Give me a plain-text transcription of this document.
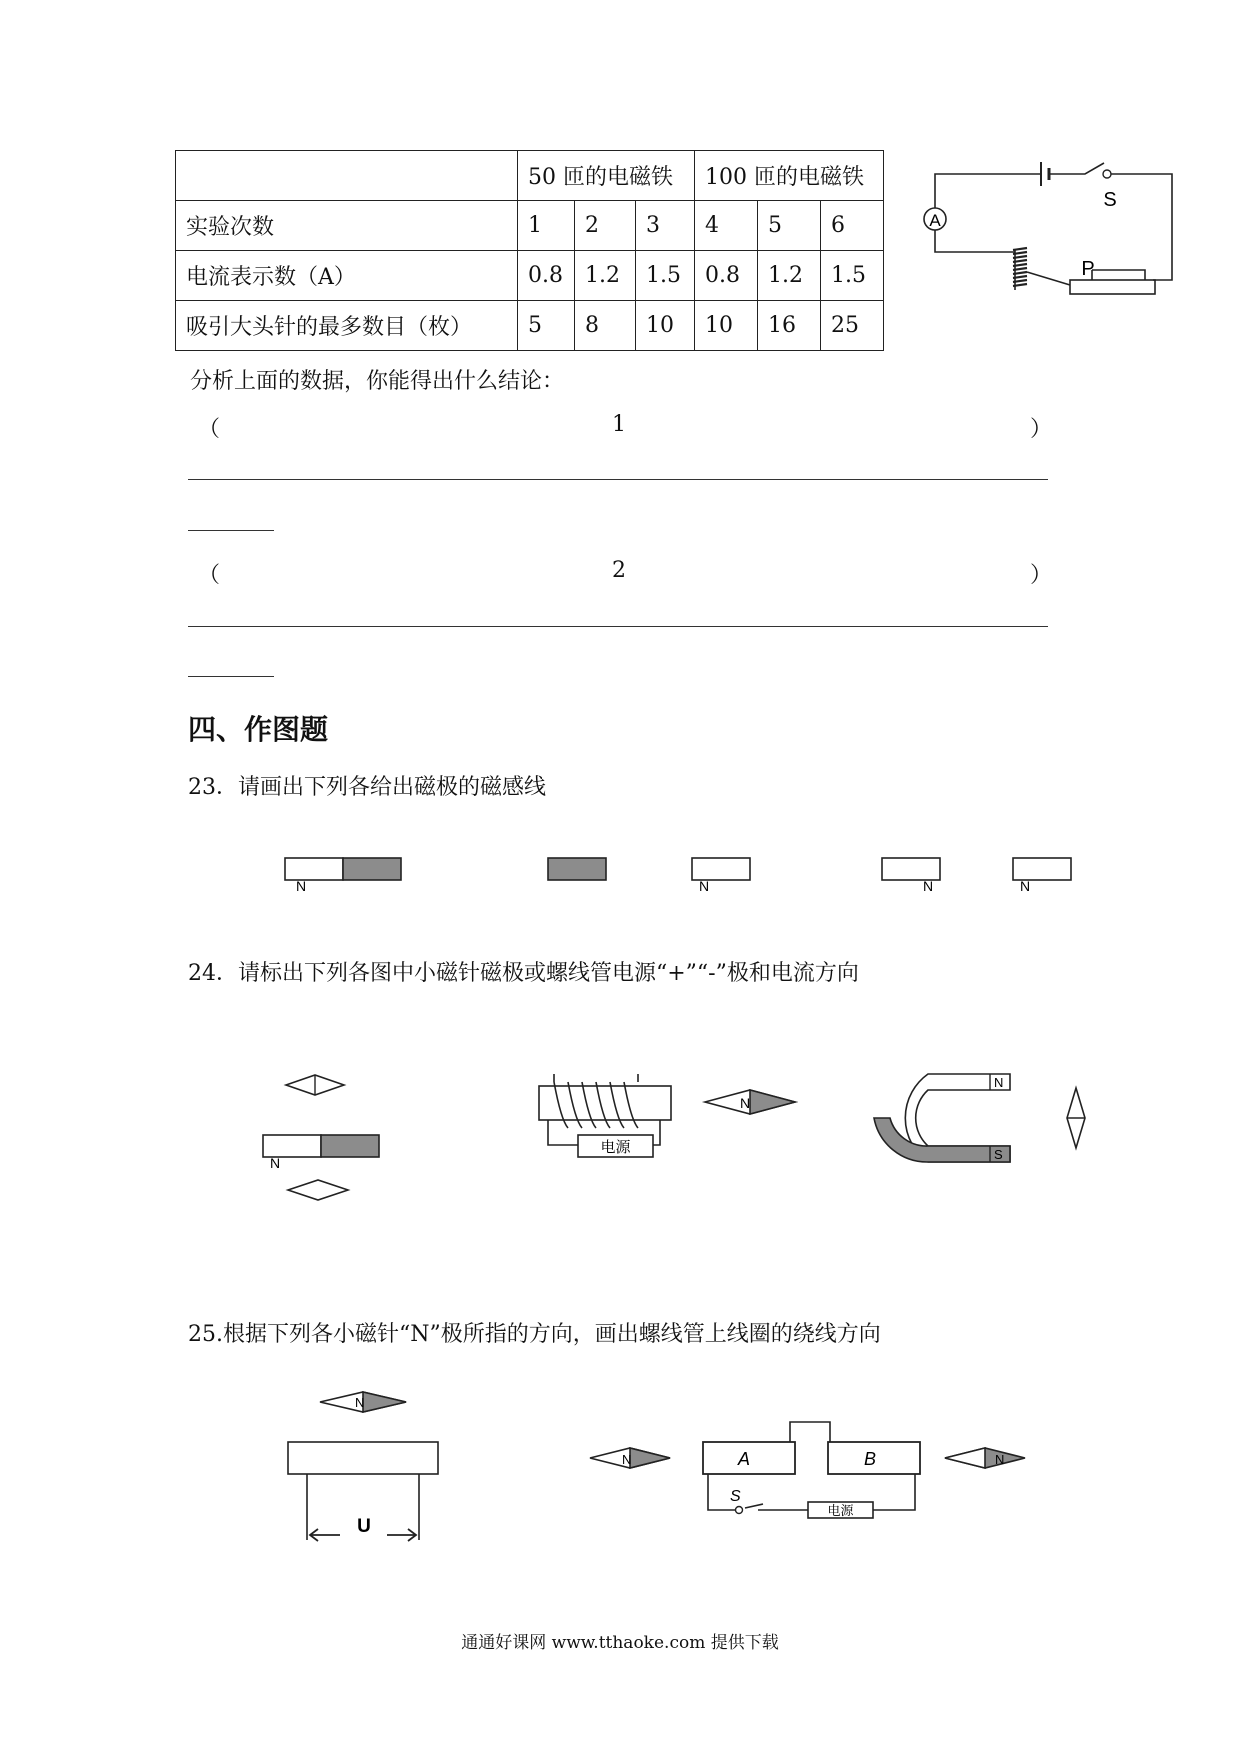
	50 匝的电磁铁			100 匝的电磁铁		
实验次数	1	2	3	4	5	6
电流表示数（A）	0.8	1.2	1.5	0.8	1.2	1.5
吸引大头针的最多数目（枚）	5	8	10	10	16	25
A
S
P
分析上面的数据，你能得出什么结论：
（	1	）
（	2	）
四、作图题
23．请画出下列各给出磁极的磁感线
N	S	S	N	N	N
24．请标出下列各图中小磁针磁极或螺线管电源“+”“-”极和电流方向
N	S
电源
N
N
S
25.根据下列各小磁针“N”极所指的方向，画出螺线管上线圈的绕线方向
N
U
N	A	B
S
电源
N
通通好课网 www.tthaoke.com 提供下载
